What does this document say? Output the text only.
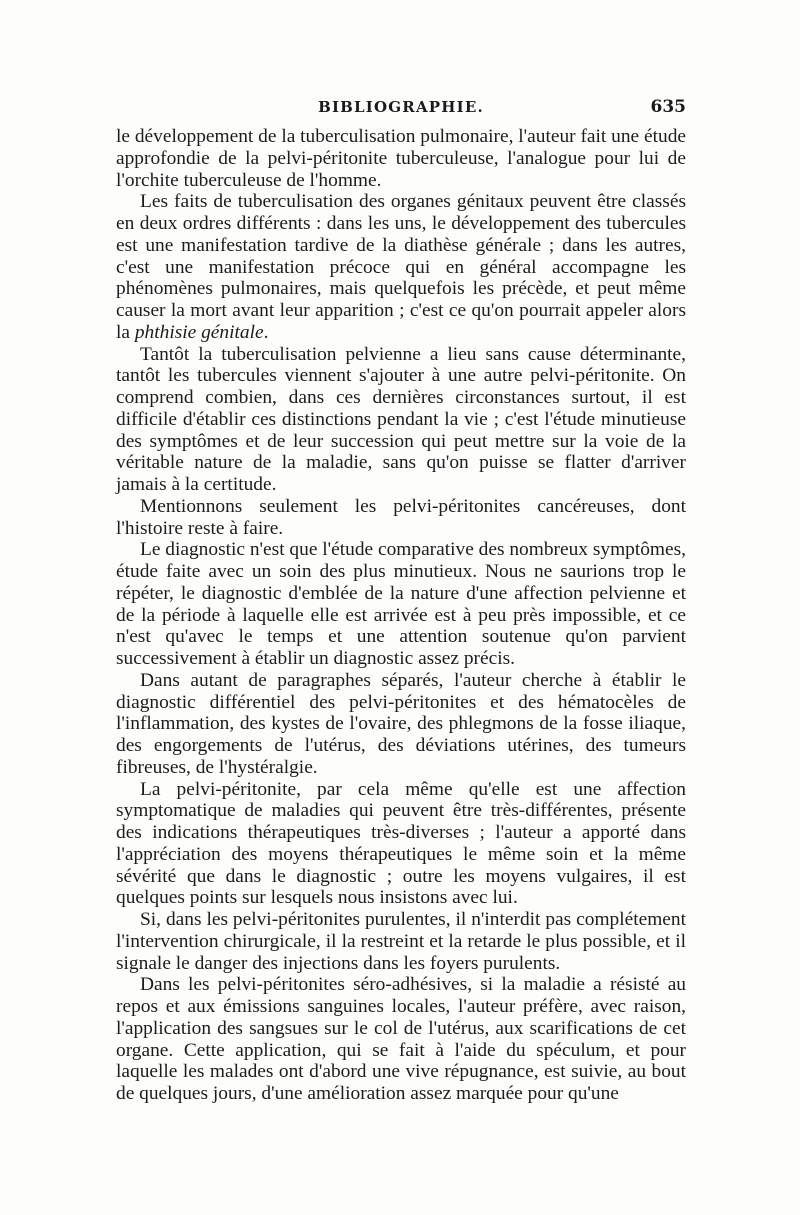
BIBLIOGRAPHIE.	635

le développement de la tuberculisation pulmonaire, l'auteur fait une étude approfondie de la pelvi-péritonite tuberculeuse, l'analogue pour lui de l'orchite tuberculeuse de l'homme.

Les faits de tuberculisation des organes génitaux peuvent être classés en deux ordres différents : dans les uns, le développement des tubercules est une manifestation tardive de la diathèse générale ; dans les autres, c'est une manifestation précoce qui en général accompagne les phénomènes pulmonaires, mais quelquefois les précède, et peut même causer la mort avant leur apparition ; c'est ce qu'on pourrait appeler alors la phthisie génitale.

Tantôt la tuberculisation pelvienne a lieu sans cause déterminante, tantôt les tubercules viennent s'ajouter à une autre pelvi-péritonite. On comprend combien, dans ces dernières circonstances surtout, il est difficile d'établir ces distinctions pendant la vie ; c'est l'étude minutieuse des symptômes et de leur succession qui peut mettre sur la voie de la véritable nature de la maladie, sans qu'on puisse se flatter d'arriver jamais à la certitude.

Mentionnons seulement les pelvi-péritonites cancéreuses, dont l'histoire reste à faire.

Le diagnostic n'est que l'étude comparative des nombreux symptômes, étude faite avec un soin des plus minutieux. Nous ne saurions trop le répéter, le diagnostic d'emblée de la nature d'une affection pelvienne et de la période à laquelle elle est arrivée est à peu près impossible, et ce n'est qu'avec le temps et une attention soutenue qu'on parvient successivement à établir un diagnostic assez précis.

Dans autant de paragraphes séparés, l'auteur cherche à établir le diagnostic différentiel des pelvi-péritonites et des hématocèles de l'inflammation, des kystes de l'ovaire, des phlegmons de la fosse iliaque, des engorgements de l'utérus, des déviations utérines, des tumeurs fibreuses, de l'hystéralgie.

La pelvi-péritonite, par cela même qu'elle est une affection symptomatique de maladies qui peuvent être très-différentes, présente des indications thérapeutiques très-diverses ; l'auteur a apporté dans l'appréciation des moyens thérapeutiques le même soin et la même sévérité que dans le diagnostic ; outre les moyens vulgaires, il est quelques points sur lesquels nous insistons avec lui.

Si, dans les pelvi-péritonites purulentes, il n'interdit pas complétement l'intervention chirurgicale, il la restreint et la retarde le plus possible, et il signale le danger des injections dans les foyers purulents.

Dans les pelvi-péritonites séro-adhésives, si la maladie a résisté au repos et aux émissions sanguines locales, l'auteur préfère, avec raison, l'application des sangsues sur le col de l'utérus, aux scarifications de cet organe. Cette application, qui se fait à l'aide du spéculum, et pour laquelle les malades ont d'abord une vive répugnance, est suivie, au bout de quelques jours, d'une amélioration assez marquée pour qu'une
